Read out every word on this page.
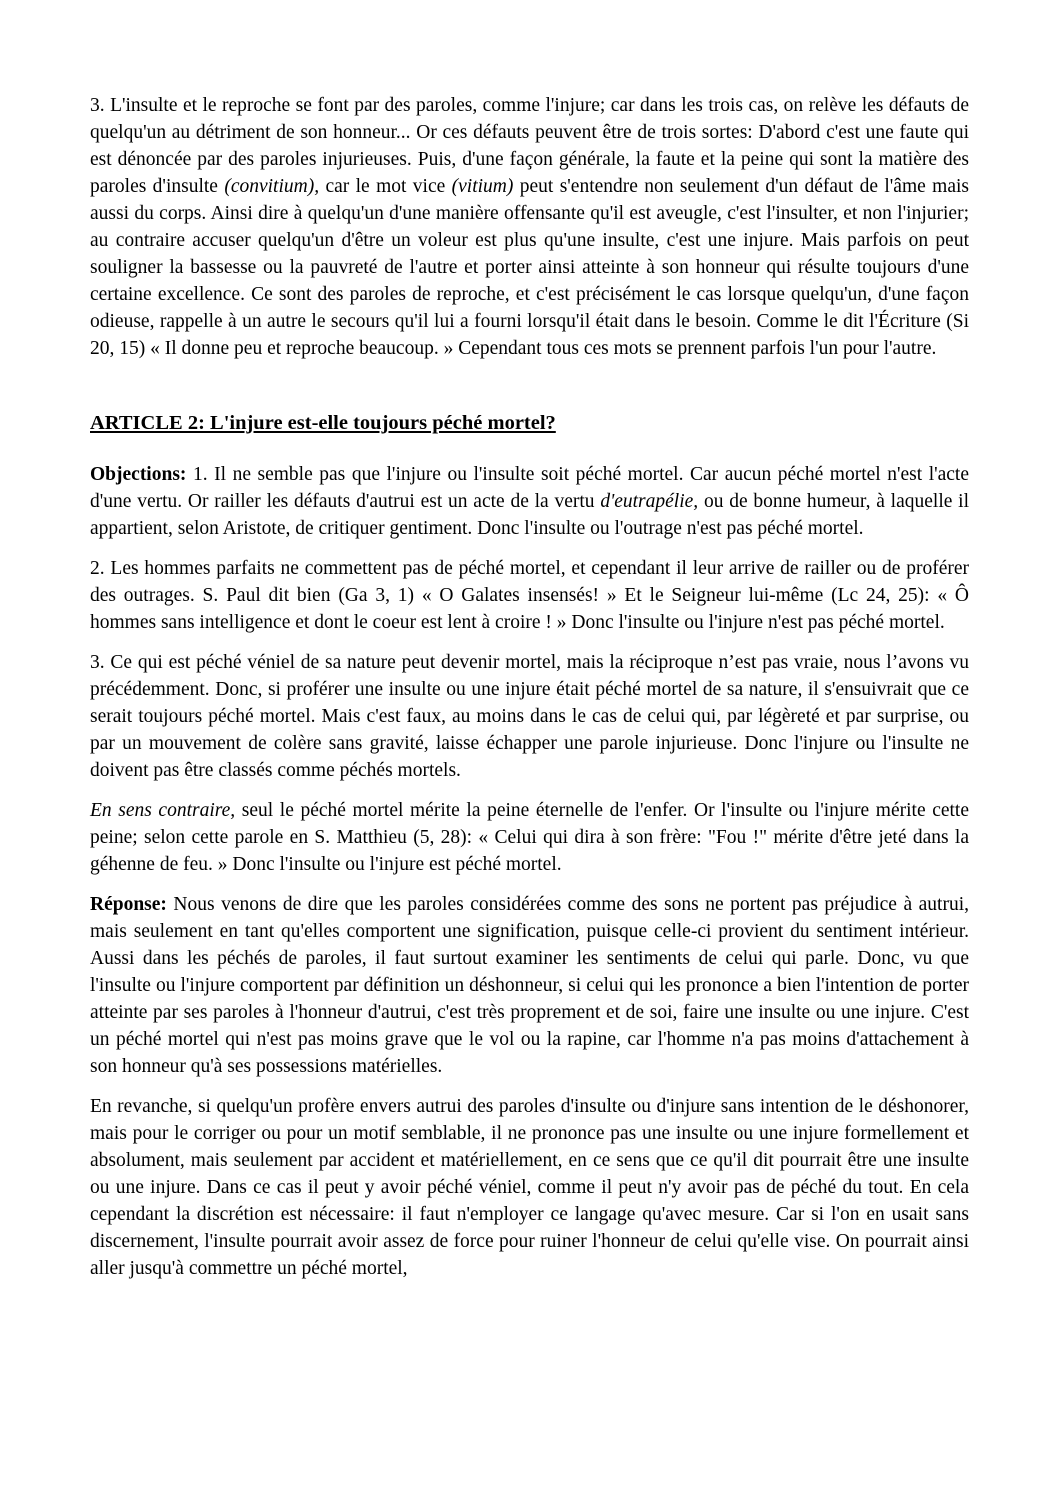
3. L'insulte et le reproche se font par des paroles, comme l'injure; car dans les trois cas, on relève les défauts de quelqu'un au détriment de son honneur... Or ces défauts peuvent être de trois sortes: D'abord c'est une faute qui est dénoncée par des paroles injurieuses. Puis, d'une façon générale, la faute et la peine qui sont la matière des paroles d'insulte (convitium), car le mot vice (vitium) peut s'entendre non seulement d'un défaut de l'âme mais aussi du corps. Ainsi dire à quelqu'un d'une manière offensante qu'il est aveugle, c'est l'insulter, et non l'injurier; au contraire accuser quelqu'un d'être un voleur est plus qu'une insulte, c'est une injure. Mais parfois on peut souligner la bassesse ou la pauvreté de l'autre et porter ainsi atteinte à son honneur qui résulte toujours d'une certaine excellence. Ce sont des paroles de reproche, et c'est précisément le cas lorsque quelqu'un, d'une façon odieuse, rappelle à un autre le secours qu'il lui a fourni lorsqu'il était dans le besoin. Comme le dit l'Écriture (Si 20, 15) « Il donne peu et reproche beaucoup. » Cependant tous ces mots se prennent parfois l'un pour l'autre.

ARTICLE 2: L'injure est-elle toujours péché mortel?

Objections: 1. Il ne semble pas que l'injure ou l'insulte soit péché mortel. Car aucun péché mortel n'est l'acte d'une vertu. Or railler les défauts d'autrui est un acte de la vertu d'eutrapélie, ou de bonne humeur, à laquelle il appartient, selon Aristote, de critiquer gentiment. Donc l'insulte ou l'outrage n'est pas péché mortel.

2. Les hommes parfaits ne commettent pas de péché mortel, et cependant il leur arrive de railler ou de proférer des outrages. S. Paul dit bien (Ga 3, 1) « O Galates insensés! » Et le Seigneur lui-même (Lc 24, 25): « Ô hommes sans intelligence et dont le coeur est lent à croire ! » Donc l'insulte ou l'injure n'est pas péché mortel.

3. Ce qui est péché véniel de sa nature peut devenir mortel, mais la réciproque n’est pas vraie, nous l’avons vu précédemment. Donc, si proférer une insulte ou une injure était péché mortel de sa nature, il s'ensuivrait que ce serait toujours péché mortel. Mais c'est faux, au moins dans le cas de celui qui, par légèreté et par surprise, ou par un mouvement de colère sans gravité, laisse échapper une parole injurieuse. Donc l'injure ou l'insulte ne doivent pas être classés comme péchés mortels.

En sens contraire, seul le péché mortel mérite la peine éternelle de l'enfer. Or l'insulte ou l'injure mérite cette peine; selon cette parole en S. Matthieu (5, 28): « Celui qui dira à son frère: "Fou !" mérite d'être jeté dans la géhenne de feu. » Donc l'insulte ou l'injure est péché mortel.

Réponse: Nous venons de dire que les paroles considérées comme des sons ne portent pas préjudice à autrui, mais seulement en tant qu'elles comportent une signification, puisque celle-ci provient du sentiment intérieur. Aussi dans les péchés de paroles, il faut surtout examiner les sentiments de celui qui parle. Donc, vu que l'insulte ou l'injure comportent par définition un déshonneur, si celui qui les prononce a bien l'intention de porter atteinte par ses paroles à l'honneur d'autrui, c'est très proprement et de soi, faire une insulte ou une injure. C'est un péché mortel qui n'est pas moins grave que le vol ou la rapine, car l'homme n'a pas moins d'attachement à son honneur qu'à ses possessions matérielles.

En revanche, si quelqu'un profère envers autrui des paroles d'insulte ou d'injure sans intention de le déshonorer, mais pour le corriger ou pour un motif semblable, il ne prononce pas une insulte ou une injure formellement et absolument, mais seulement par accident et matériellement, en ce sens que ce qu'il dit pourrait être une insulte ou une injure. Dans ce cas il peut y avoir péché véniel, comme il peut n'y avoir pas de péché du tout. En cela cependant la discrétion est nécessaire: il faut n'employer ce langage qu'avec mesure. Car si l'on en usait sans discernement, l'insulte pourrait avoir assez de force pour ruiner l'honneur de celui qu'elle vise. On pourrait ainsi aller jusqu'à commettre un péché mortel,
